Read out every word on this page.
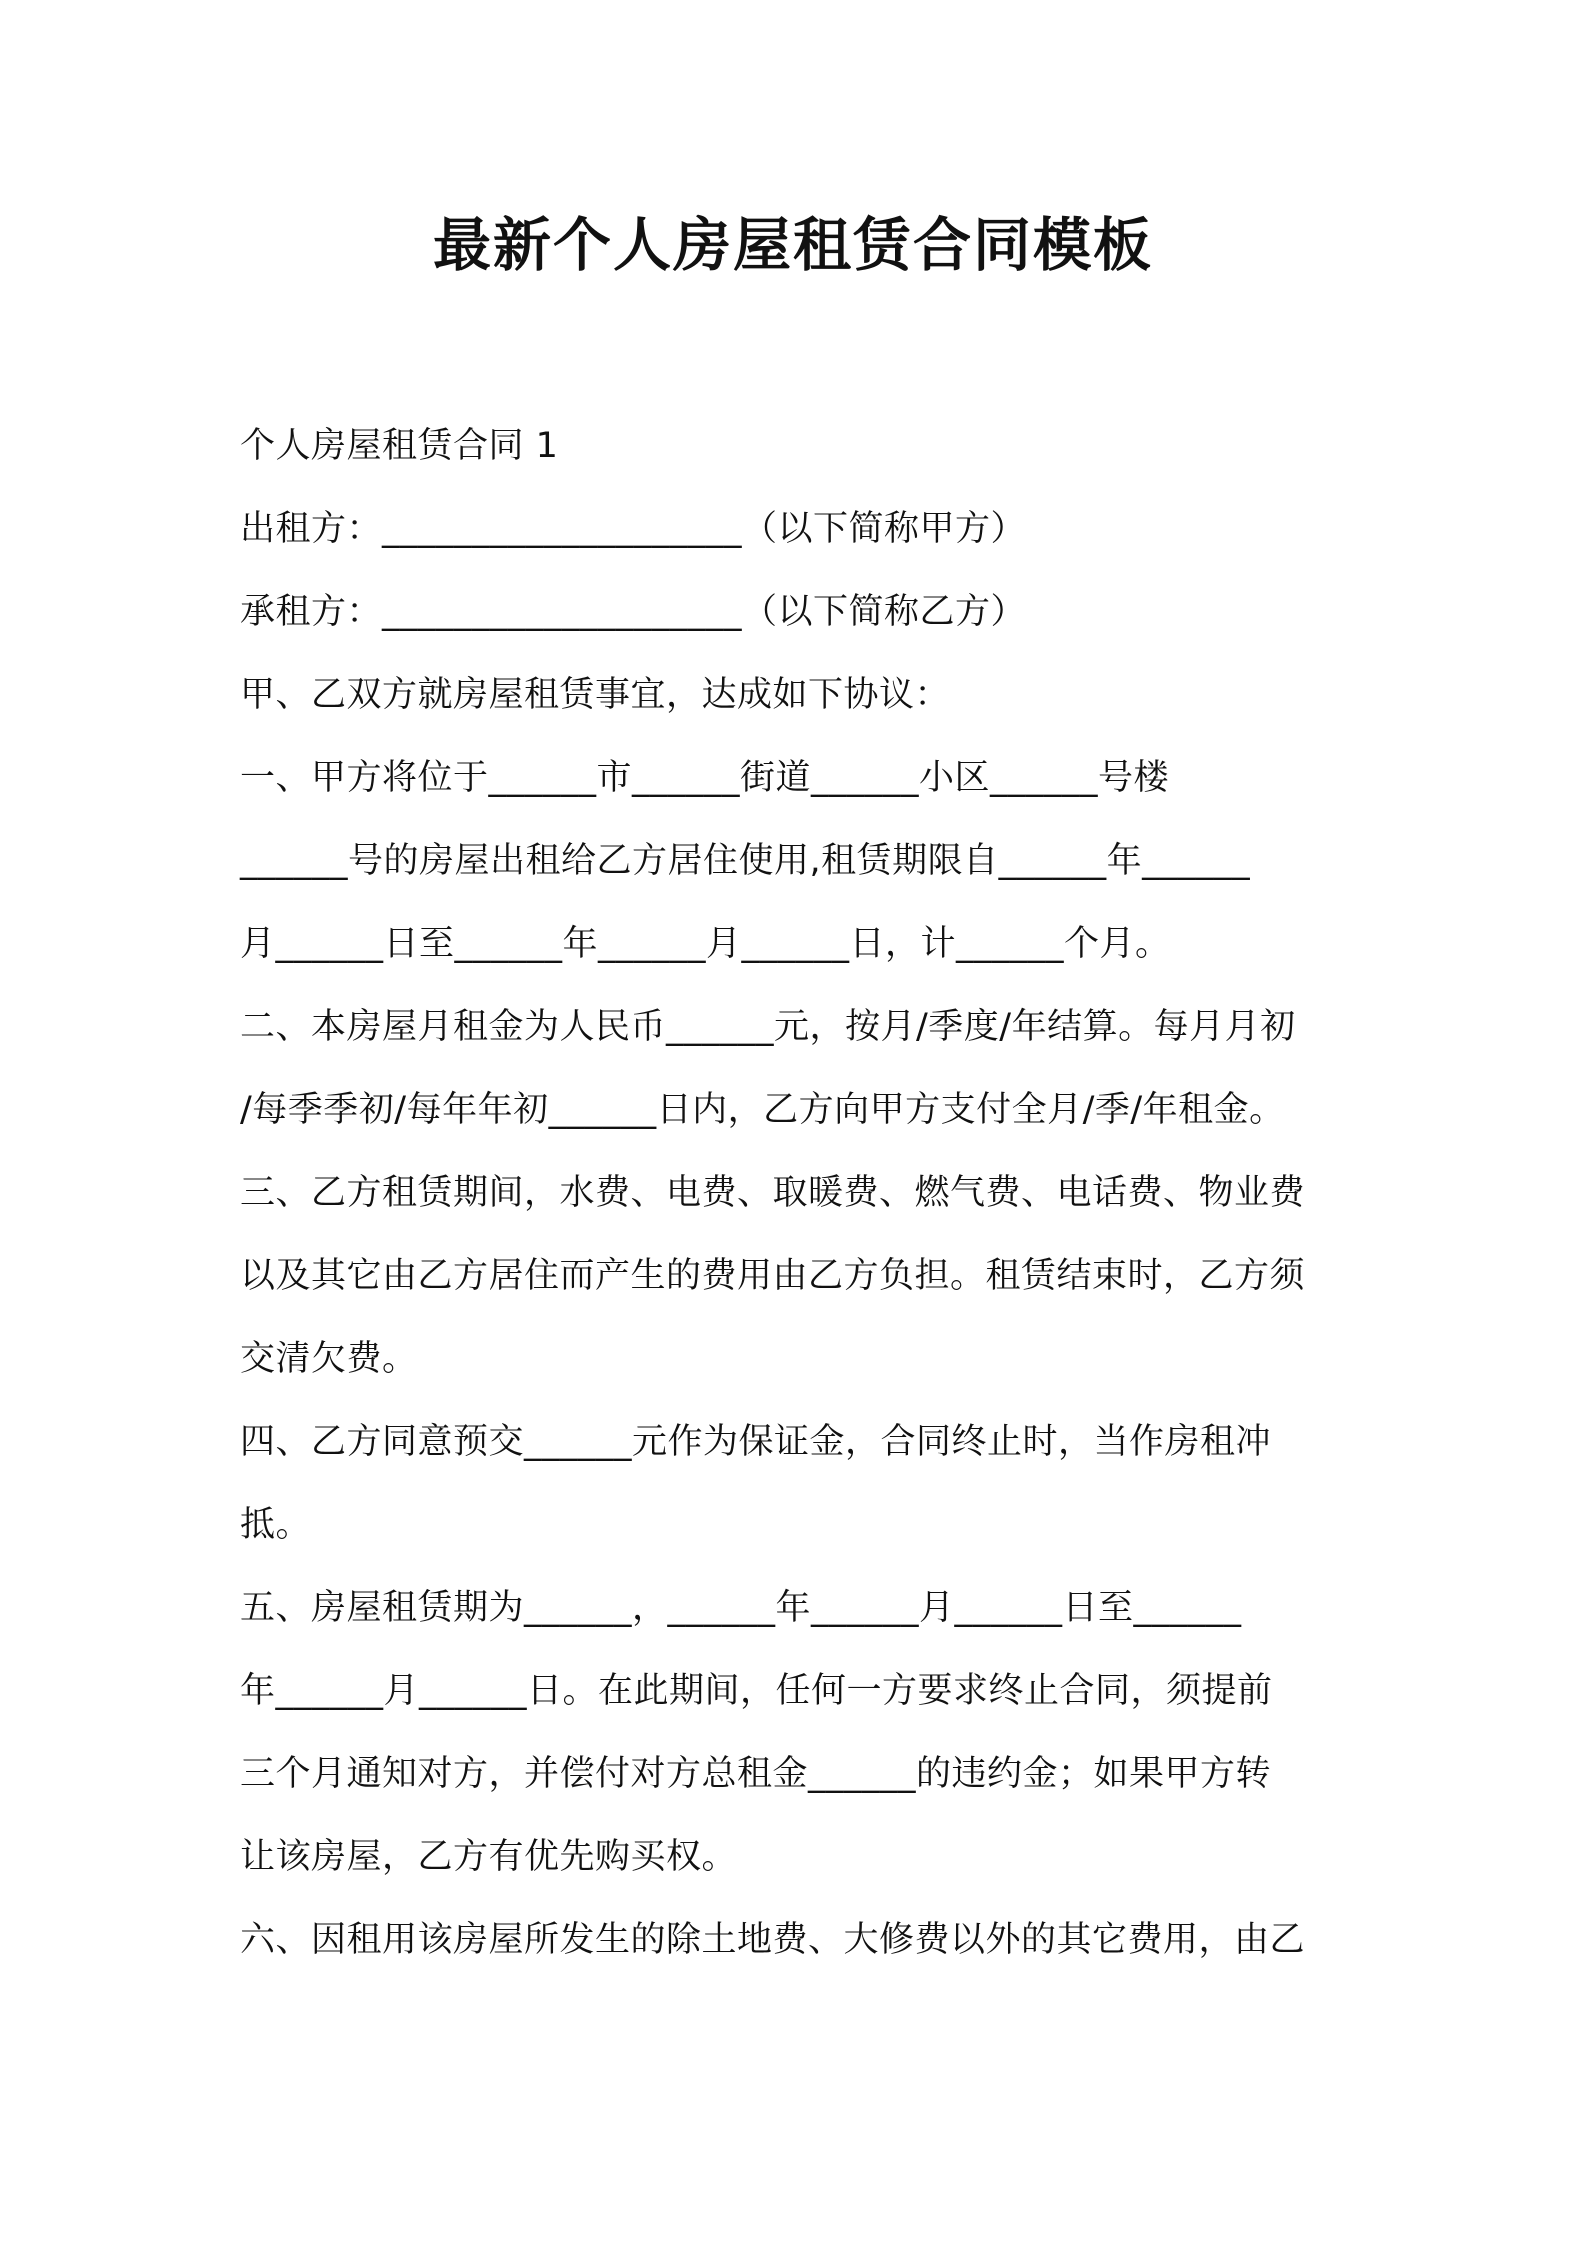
最新个人房屋租赁合同模板
个人房屋租赁合同 1
出租方：____________________（以下简称甲方）
承租方：____________________（以下简称乙方）
甲、乙双方就房屋租赁事宜，达成如下协议：
一、甲方将位于______市______街道______小区______号楼
______号的房屋出租给乙方居住使用,租赁期限自______年______
月______日至______年______月______日，计______个月。
二、本房屋月租金为人民币______元，按月/季度/年结算。每月月初
/每季季初/每年年初______日内，乙方向甲方支付全月/季/年租金。
三、乙方租赁期间，水费、电费、取暖费、燃气费、电话费、物业费
以及其它由乙方居住而产生的费用由乙方负担。租赁结束时，乙方须
交清欠费。
四、乙方同意预交______元作为保证金，合同终止时，当作房租冲
抵。
五、房屋租赁期为______，______年______月______日至______
年______月______日。在此期间，任何一方要求终止合同，须提前
三个月通知对方，并偿付对方总租金______的违约金；如果甲方转
让该房屋，乙方有优先购买权。
六、因租用该房屋所发生的除土地费、大修费以外的其它费用，由乙
